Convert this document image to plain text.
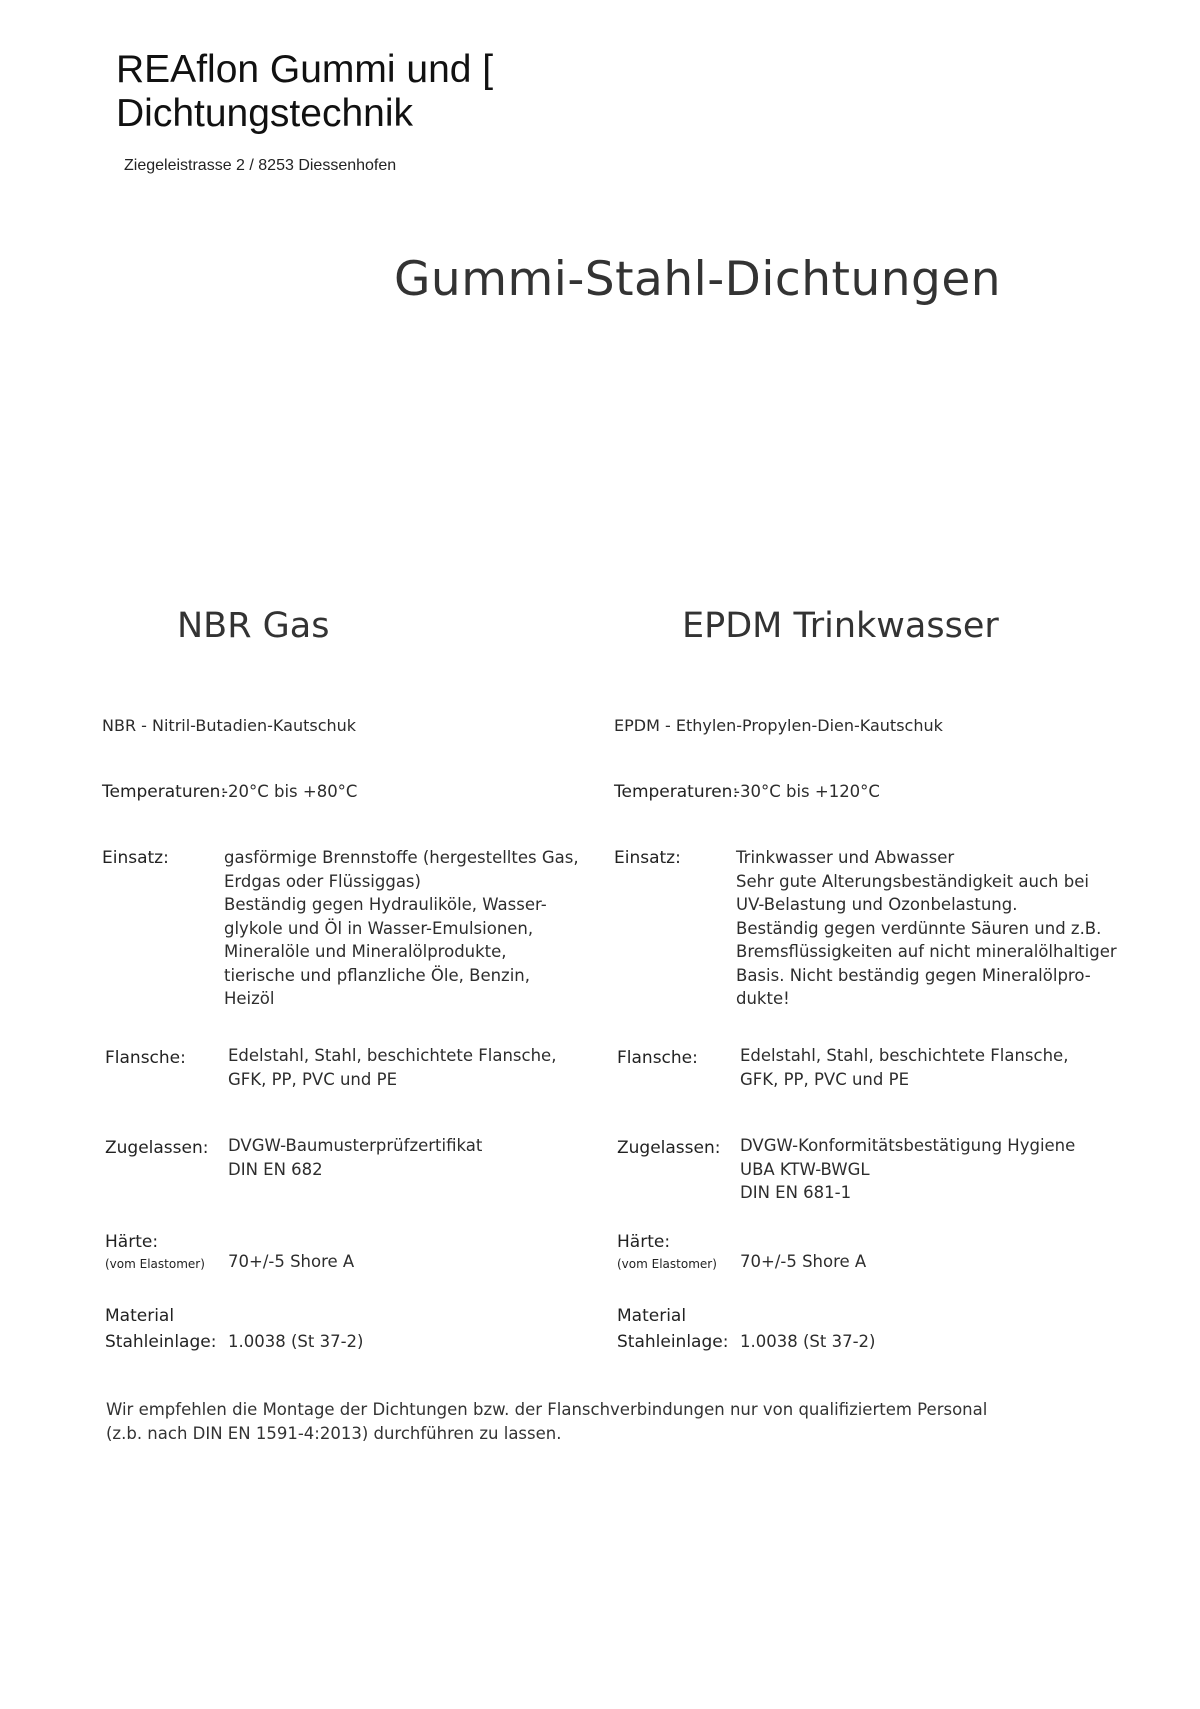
REAflon Gummi und [
Dichtungstechnik
Ziegeleistrasse 2 / 8253 Diessenhofen
Gummi-Stahl-Dichtungen
NBR Gas	EPDM Trinkwasser
NBR - Nitril-Butadien-Kautschuk
Temperaturen:
-20°C bis +80°C
Einsatz:	gasförmige Brennstoffe (hergestelltes Gas,
Erdgas oder Flüssiggas)
Beständig gegen Hydrauliköle, Wasser-
glykole und Öl in Wasser-Emulsionen,
Mineralöle und Mineralölprodukte,
tierische und pflanzliche Öle, Benzin,
Heizöl
Flansche:	Edelstahl, Stahl, beschichtete Flansche,
GFK, PP, PVC und PE
Zugelassen: DVGW-Baumusterprüfzertifikat
DIN EN 682
Härte:
(vom Elastomer) 70+/-5 Shore A
Material
Stahleinlage: 1.0038 (St 37-2)
EPDM - Ethylen-Propylen-Dien-Kautschuk
Temperaturen:
-30°C bis +120°C
Einsatz:	Trinkwasser und Abwasser
Sehr gute Alterungsbeständigkeit auch bei
UV-Belastung und Ozonbelastung.
Beständig gegen verdünnte Säuren und z.B.
Bremsflüssigkeiten auf nicht mineralölhaltiger
Basis. Nicht beständig gegen Mineralölpro-
dukte!
Flansche:	Edelstahl, Stahl, beschichtete Flansche,
GFK, PP, PVC und PE
Zugelassen: DVGW-Konformitätsbestätigung Hygiene
UBA KTW-BWGL
DIN EN 681-1
Härte:
(vom Elastomer) 70+/-5 Shore A
Material
Stahleinlage: 1.0038 (St 37-2)
Wir empfehlen die Montage der Dichtungen bzw. der Flanschverbindungen nur von qualifiziertem Personal
(z.b. nach DIN EN 1591-4:2013) durchführen zu lassen.
